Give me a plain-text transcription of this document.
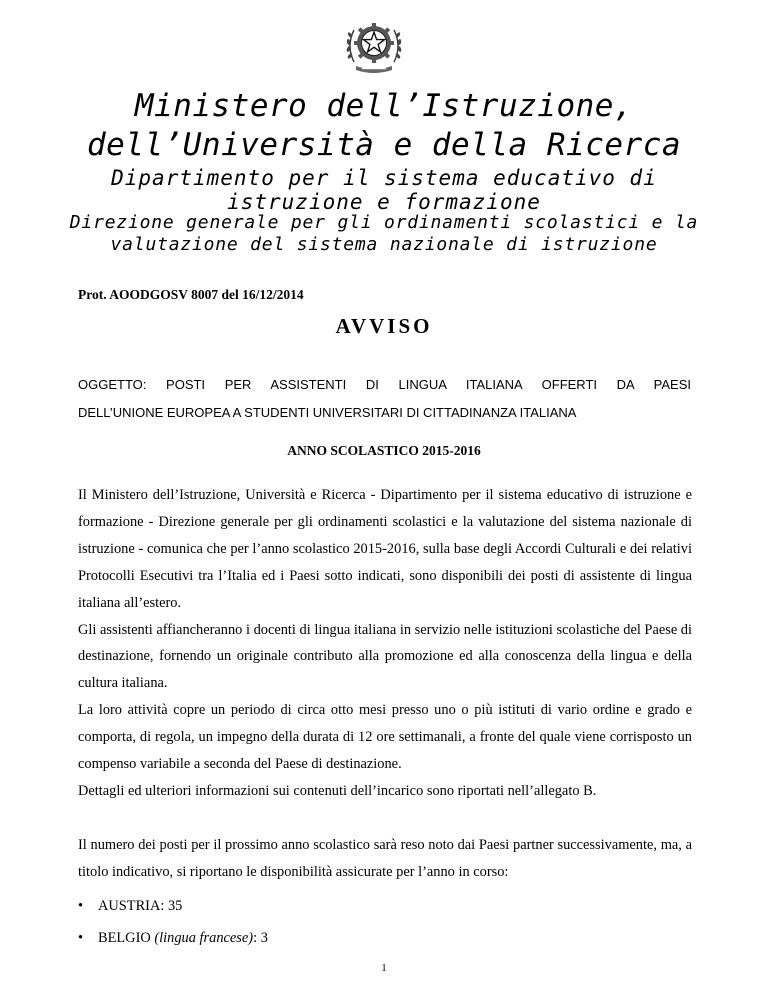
Ministero dell’Istruzione,
dell’Università e della Ricerca
Dipartimento per il sistema educativo di
istruzione e formazione
Direzione generale per gli ordinamenti scolastici e la
valutazione del sistema nazionale di istruzione
Prot. AOODGOSV 8007 del 16/12/2014
AVVISO
OGGETTO: POSTI PER ASSISTENTI DI LINGUA ITALIANA OFFERTI DA PAESI
DELL’UNIONE EUROPEA A STUDENTI UNIVERSITARI DI CITTADINANZA ITALIANA
ANNO SCOLASTICO 2015-2016

Il Ministero dell’Istruzione, Università e Ricerca - Dipartimento per il sistema educativo di istruzione e formazione - Direzione generale per gli ordinamenti scolastici e la valutazione del sistema nazionale di istruzione - comunica che per l’anno scolastico 2015-2016, sulla base degli Accordi Culturali e dei relativi Protocolli Esecutivi tra l’Italia ed i Paesi sotto indicati, sono disponibili dei posti di assistente di lingua italiana all’estero.

Gli assistenti affiancheranno i docenti di lingua italiana in servizio nelle istituzioni scolastiche del Paese di destinazione, fornendo un originale contributo alla promozione ed alla conoscenza della lingua e della cultura italiana.

La loro attività copre un periodo di circa otto mesi presso uno o più istituti di vario ordine e grado e comporta, di regola, un impegno della durata di 12 ore settimanali, a fronte del quale viene corrisposto un compenso variabile a seconda del Paese di destinazione.

Dettagli ed ulteriori informazioni sui contenuti dell’incarico sono riportati nell’allegato B.

Il numero dei posti per il prossimo anno scolastico sarà reso noto dai Paesi partner successivamente, ma, a titolo indicativo, si riportano le disponibilità assicurate per l’anno in corso:

• AUSTRIA: 35
• BELGIO (lingua francese): 3
1
